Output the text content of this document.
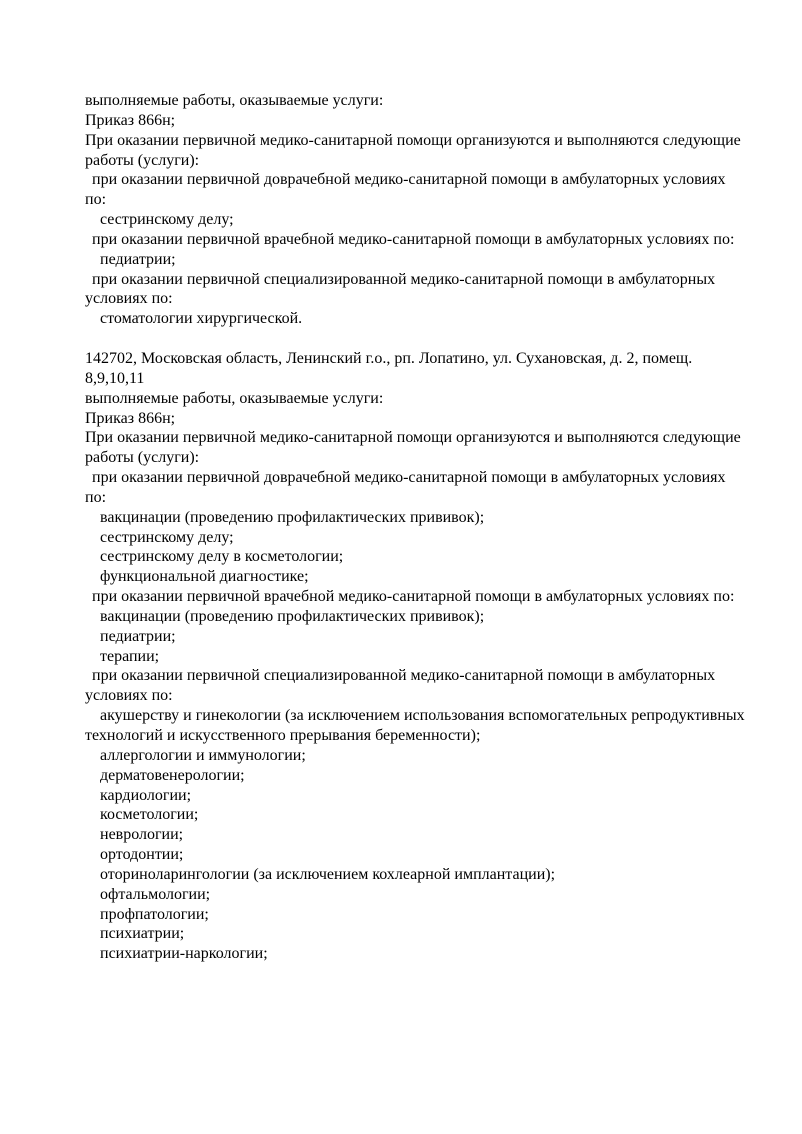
выполняемые работы, оказываемые услуги:
Приказ 866н;
При оказании первичной медико-санитарной помощи организуются и выполняются следующие
работы (услуги):
при оказании первичной доврачебной медико-санитарной помощи в амбулаторных условиях
по:
сестринскому делу;
при оказании первичной врачебной медико-санитарной помощи в амбулаторных условиях по:
педиатрии;
при оказании первичной специализированной медико-санитарной помощи в амбулаторных
условиях по:
стоматологии хирургической.

142702, Московская область, Ленинский г.о., рп. Лопатино, ул. Сухановская, д. 2, помещ.
8,9,10,11
выполняемые работы, оказываемые услуги:
Приказ 866н;
При оказании первичной медико-санитарной помощи организуются и выполняются следующие
работы (услуги):
при оказании первичной доврачебной медико-санитарной помощи в амбулаторных условиях
по:
вакцинации (проведению профилактических прививок);
сестринскому делу;
сестринскому делу в косметологии;
функциональной диагностике;
при оказании первичной врачебной медико-санитарной помощи в амбулаторных условиях по:
вакцинации (проведению профилактических прививок);
педиатрии;
терапии;
при оказании первичной специализированной медико-санитарной помощи в амбулаторных
условиях по:
акушерству и гинекологии (за исключением использования вспомогательных репродуктивных
технологий и искусственного прерывания беременности);
аллергологии и иммунологии;
дерматовенерологии;
кардиологии;
косметологии;
неврологии;
ортодонтии;
оториноларингологии (за исключением кохлеарной имплантации);
офтальмологии;
профпатологии;
психиатрии;
психиатрии-наркологии;
